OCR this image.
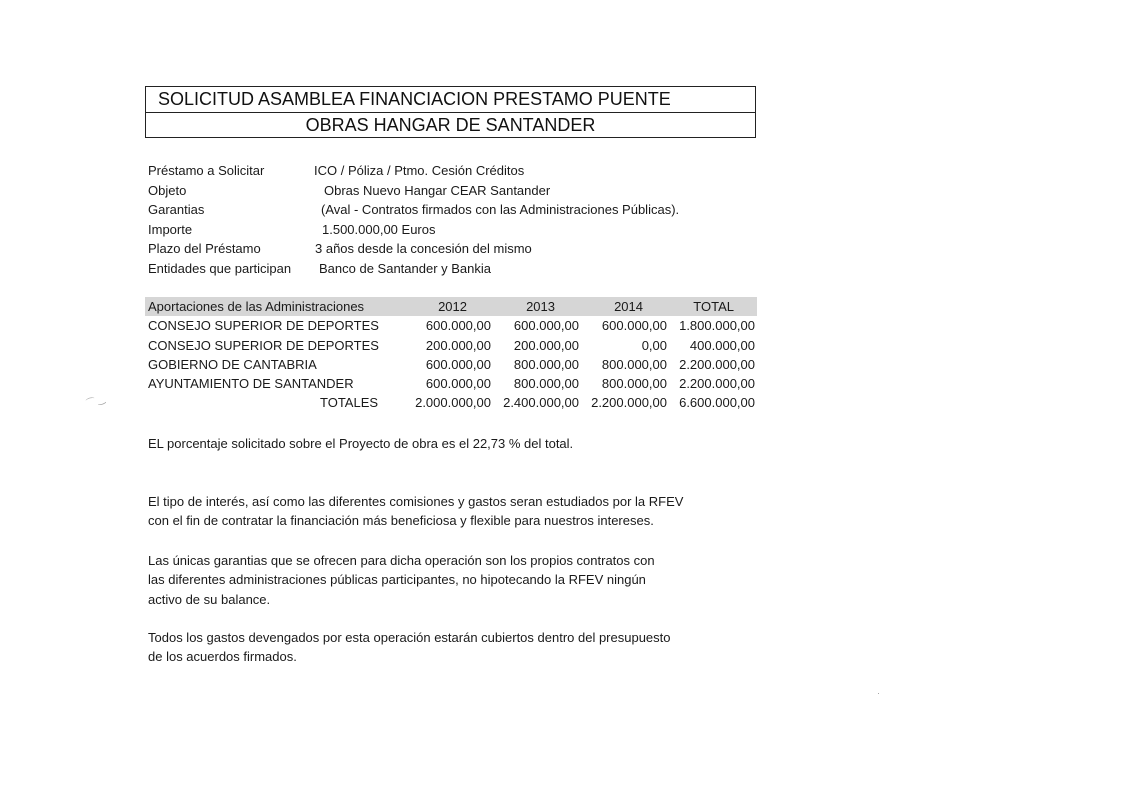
SOLICITUD ASAMBLEA FINANCIACION PRESTAMO PUENTE
OBRAS HANGAR DE SANTANDER
Préstamo a Solicitar	ICO / Póliza / Ptmo. Cesión Créditos
Objeto	Obras Nuevo Hangar CEAR Santander
Garantias	(Aval - Contratos firmados con las Administraciones Públicas).
Importe	1.500.000,00 Euros
Plazo del Préstamo	3 años desde la concesión del mismo
Entidades que participan Banco de Santander y Bankia
Aportaciones de las Administraciones	2012	2013	2014	TOTAL
CONSEJO SUPERIOR DE DEPORTES	600.000,00 600.000,00 600.000,00 1.800.000,00
CONSEJO SUPERIOR DE DEPORTES	200.000,00 200.000,00	0,00 400.000,00
GOBIERNO DE CANTABRIA	600.000,00 800.000,00 800.000,00 2.200.000,00
AYUNTAMIENTO DE SANTANDER	600.000,00 800.000,00 800.000,00 2.200.000,00
TOTALES	2.000.000,00 2.400.000,00 2.200.000,00 6.600.000,00
EL porcentaje solicitado sobre el Proyecto de obra es el 22,73 % del total.
El tipo de interés, así como las diferentes comisiones y gastos seran estudiados por la RFEV
con el fin de contratar la financiación más beneficiosa y flexible para nuestros intereses.
Las únicas garantias que se ofrecen para dicha operación son los propios contratos con
las diferentes administraciones públicas participantes, no hipotecando la RFEV ningún
activo de su balance.
Todos los gastos devengados por esta operación estarán cubiertos dentro del presupuesto
de los acuerdos firmados.
⌒ ‿
·
